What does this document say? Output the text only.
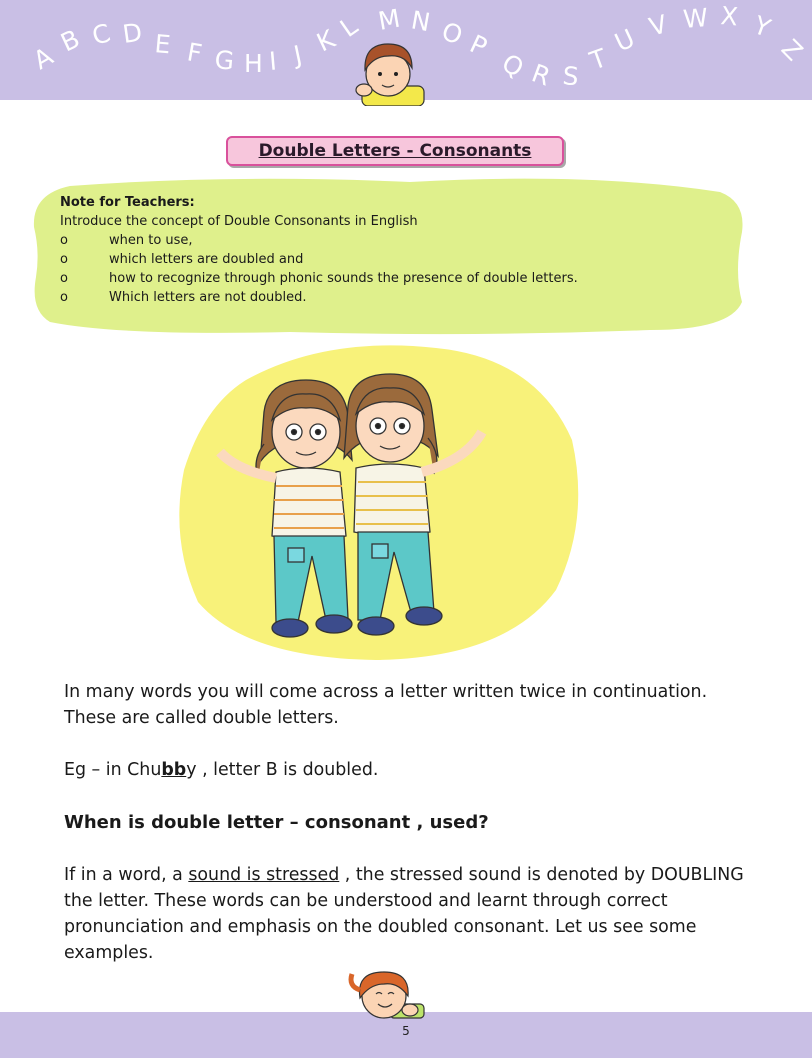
A
B C D E F G H I J K
L M N O P
Q R S
T
U V W X Y
Z
Double Letters - Consonants
Note for Teachers:
Introduce the concept of Double Consonants in English
o	when to use,
o	which letters are doubled and
o	how to recognize through phonic sounds the presence of double letters.
o	Which letters are not doubled.
In many words you will come across a letter written twice in continuation. These are called double letters.
Eg – in Chubby , letter B is doubled.
When is double letter – consonant , used?
If in a word, a sound is stressed , the stressed sound is denoted by DOUBLING the letter. These words can be understood and learnt through correct pronunciation and emphasis on the doubled consonant. Let us see some examples.
5
